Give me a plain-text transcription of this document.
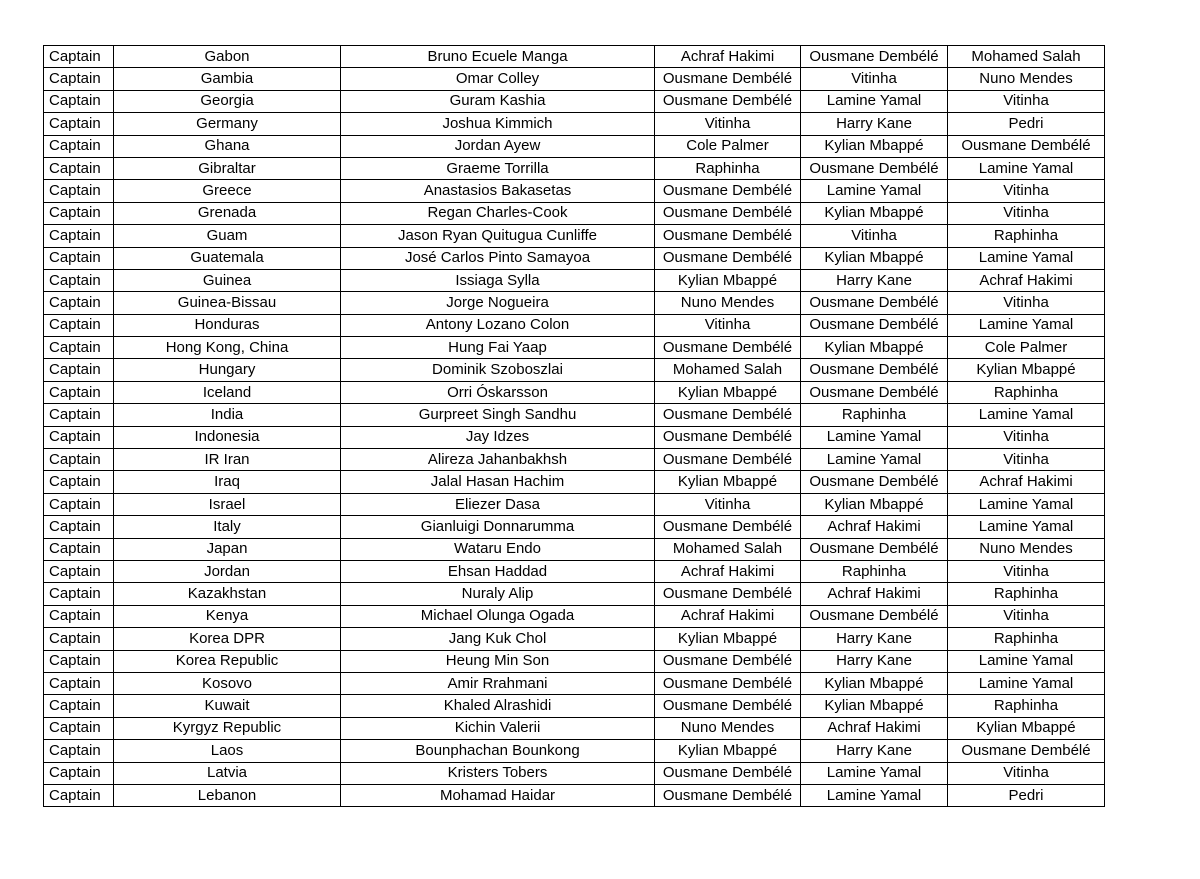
Captain	Gabon	Bruno Ecuele Manga	Achraf Hakimi	Ousmane Dembélé	Mohamed Salah
Captain	Gambia	Omar Colley	Ousmane Dembélé	Vitinha	Nuno Mendes
Captain	Georgia	Guram Kashia	Ousmane Dembélé	Lamine Yamal	Vitinha
Captain	Germany	Joshua Kimmich	Vitinha	Harry Kane	Pedri
Captain	Ghana	Jordan Ayew	Cole Palmer	Kylian Mbappé	Ousmane Dembélé
Captain	Gibraltar	Graeme Torrilla	Raphinha	Ousmane Dembélé	Lamine Yamal
Captain	Greece	Anastasios Bakasetas	Ousmane Dembélé	Lamine Yamal	Vitinha
Captain	Grenada	Regan Charles-Cook	Ousmane Dembélé	Kylian Mbappé	Vitinha
Captain	Guam	Jason Ryan Quitugua Cunliffe	Ousmane Dembélé	Vitinha	Raphinha
Captain	Guatemala	José Carlos Pinto Samayoa	Ousmane Dembélé	Kylian Mbappé	Lamine Yamal
Captain	Guinea	Issiaga Sylla	Kylian Mbappé	Harry Kane	Achraf Hakimi
Captain	Guinea-Bissau	Jorge Nogueira	Nuno Mendes	Ousmane Dembélé	Vitinha
Captain	Honduras	Antony Lozano Colon	Vitinha	Ousmane Dembélé	Lamine Yamal
Captain	Hong Kong, China	Hung Fai Yaap	Ousmane Dembélé	Kylian Mbappé	Cole Palmer
Captain	Hungary	Dominik Szoboszlai	Mohamed Salah	Ousmane Dembélé	Kylian Mbappé
Captain	Iceland	Orri Óskarsson	Kylian Mbappé	Ousmane Dembélé	Raphinha
Captain	India	Gurpreet Singh Sandhu	Ousmane Dembélé	Raphinha	Lamine Yamal
Captain	Indonesia	Jay Idzes	Ousmane Dembélé	Lamine Yamal	Vitinha
Captain	IR Iran	Alireza Jahanbakhsh	Ousmane Dembélé	Lamine Yamal	Vitinha
Captain	Iraq	Jalal Hasan Hachim	Kylian Mbappé	Ousmane Dembélé	Achraf Hakimi
Captain	Israel	Eliezer Dasa	Vitinha	Kylian Mbappé	Lamine Yamal
Captain	Italy	Gianluigi Donnarumma	Ousmane Dembélé	Achraf Hakimi	Lamine Yamal
Captain	Japan	Wataru Endo	Mohamed Salah	Ousmane Dembélé	Nuno Mendes
Captain	Jordan	Ehsan Haddad	Achraf Hakimi	Raphinha	Vitinha
Captain	Kazakhstan	Nuraly Alip	Ousmane Dembélé	Achraf Hakimi	Raphinha
Captain	Kenya	Michael Olunga Ogada	Achraf Hakimi	Ousmane Dembélé	Vitinha
Captain	Korea DPR	Jang Kuk Chol	Kylian Mbappé	Harry Kane	Raphinha
Captain	Korea Republic	Heung Min Son	Ousmane Dembélé	Harry Kane	Lamine Yamal
Captain	Kosovo	Amir Rrahmani	Ousmane Dembélé	Kylian Mbappé	Lamine Yamal
Captain	Kuwait	Khaled Alrashidi	Ousmane Dembélé	Kylian Mbappé	Raphinha
Captain	Kyrgyz Republic	Kichin Valerii	Nuno Mendes	Achraf Hakimi	Kylian Mbappé
Captain	Laos	Bounphachan Bounkong	Kylian Mbappé	Harry Kane	Ousmane Dembélé
Captain	Latvia	Kristers Tobers	Ousmane Dembélé	Lamine Yamal	Vitinha
Captain	Lebanon	Mohamad Haidar	Ousmane Dembélé	Lamine Yamal	Pedri
